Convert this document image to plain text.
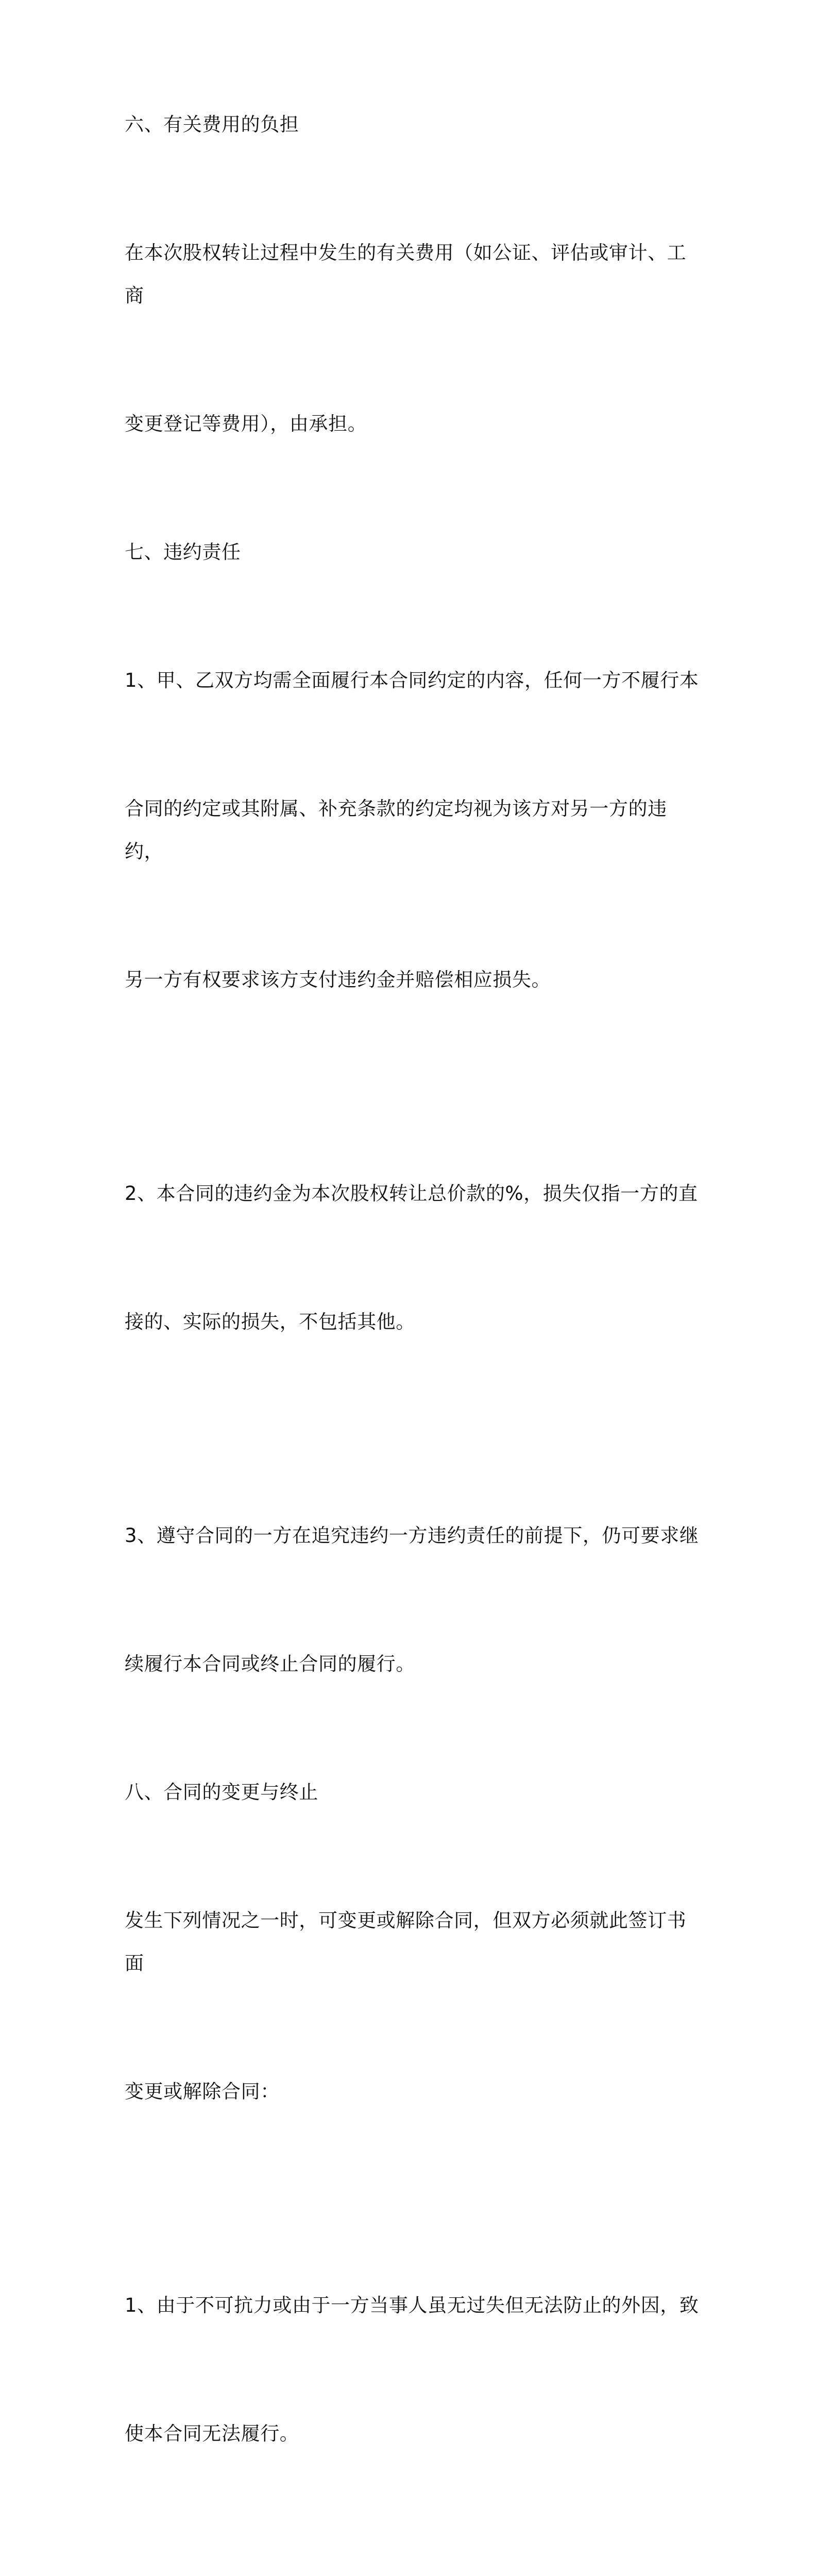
六、有关费用的负担

在本次股权转让过程中发生的有关费用（如公证、评估或审计、工商

变更登记等费用），由承担。

七、违约责任

1、甲、乙双方均需全面履行本合同约定的内容，任何一方不履行本

合同的约定或其附属、补充条款的约定均视为该方对另一方的违约，

另一方有权要求该方支付违约金并赔偿相应损失。

2、本合同的违约金为本次股权转让总价款的%，损失仅指一方的直

接的、实际的损失，不包括其他。

3、遵守合同的一方在追究违约一方违约责任的前提下，仍可要求继

续履行本合同或终止合同的履行。

八、合同的变更与终止

发生下列情况之一时，可变更或解除合同，但双方必须就此签订书面

变更或解除合同：

1、由于不可抗力或由于一方当事人虽无过失但无法防止的外因，致

使本合同无法履行。
